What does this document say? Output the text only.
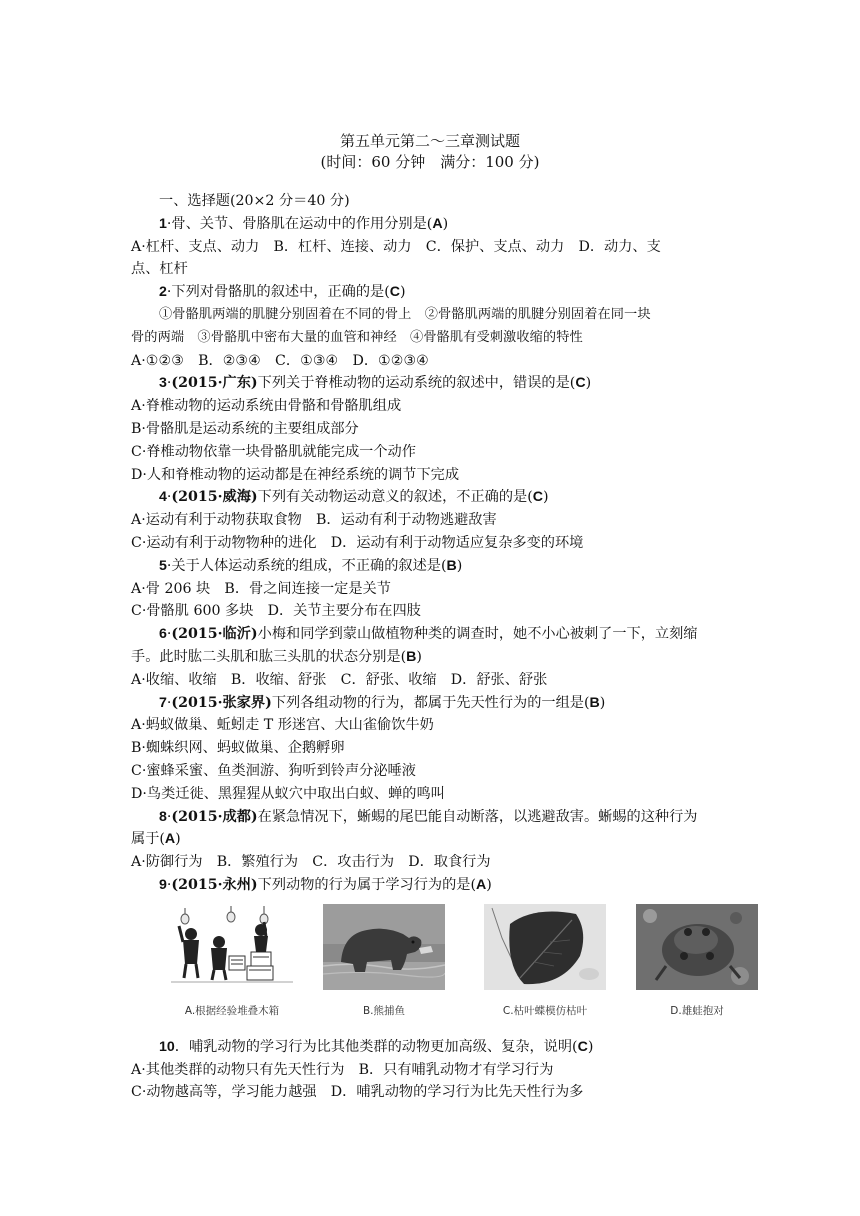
第五单元第二～三章测试题
(时间：60 分钟　满分：100 分)
一、选择题(20×2 分＝40 分)
1·骨、关节、骨胳肌在运动中的作用分别是(A)
A·杠杆、支点、动力　B．杠杆、连接、动力　C．保护、支点、动力　D．动力、支
点、杠杆
2·下列对骨骼肌的叙述中，正确的是(C)
①骨骼肌两端的肌腱分别固着在不同的骨上　②骨骼肌两端的肌腱分别固着在同一块
骨的两端　③骨骼肌中密布大量的血管和神经　④骨骼肌有受刺激收缩的特性
A·①②③　B．②③④　C．①③④　D．①②③④
3·(2015·广东)下列关于脊椎动物的运动系统的叙述中，错误的是(C)
A·脊椎动物的运动系统由骨骼和骨骼肌组成
B·骨骼肌是运动系统的主要组成部分
C·脊椎动物依靠一块骨骼肌就能完成一个动作
D·人和脊椎动物的运动都是在神经系统的调节下完成
4·(2015·威海)下列有关动物运动意义的叙述，不正确的是(C)
A·运动有利于动物获取食物　B．运动有利于动物逃避敌害
C·运动有利于动物物种的进化　D．运动有利于动物适应复杂多变的环境
5·关于人体运动系统的组成，不正确的叙述是(B)
A·骨 206 块　B．骨之间连接一定是关节
C·骨骼肌 600 多块　D．关节主要分布在四肢
6·(2015·临沂)小梅和同学到蒙山做植物种类的调查时，她不小心被刺了一下，立刻缩
手。此时肱二头肌和肱三头肌的状态分别是(B)
A·收缩、收缩　B．收缩、舒张　C．舒张、收缩　D．舒张、舒张
7·(2015·张家界)下列各组动物的行为，都属于先天性行为的一组是(B)
A·蚂蚁做巢、蚯蚓走 T 形迷宫、大山雀偷饮牛奶
B·蜘蛛织网、蚂蚁做巢、企鹅孵卵
C·蜜蜂采蜜、鱼类洄游、狗听到铃声分泌唾液
D·鸟类迁徙、黑猩猩从蚁穴中取出白蚁、蝉的鸣叫
8·(2015·成都)在紧急情况下，蜥蜴的尾巴能自动断落，以逃避敌害。蜥蜴的这种行为
属于(A)
A·防御行为　B．繁殖行为　C．攻击行为　D．取食行为
9·(2015·永州)下列动物的行为属于学习行为的是(A)
A.根据经验堆叠木箱	B.熊捕鱼	C.枯叶蝶模仿枯叶	D.雄蛙抱对
10．哺乳动物的学习行为比其他类群的动物更加高级、复杂，说明(C)
A·其他类群的动物只有先天性行为　B．只有哺乳动物才有学习行为
C·动物越高等，学习能力越强　D．哺乳动物的学习行为比先天性行为多
